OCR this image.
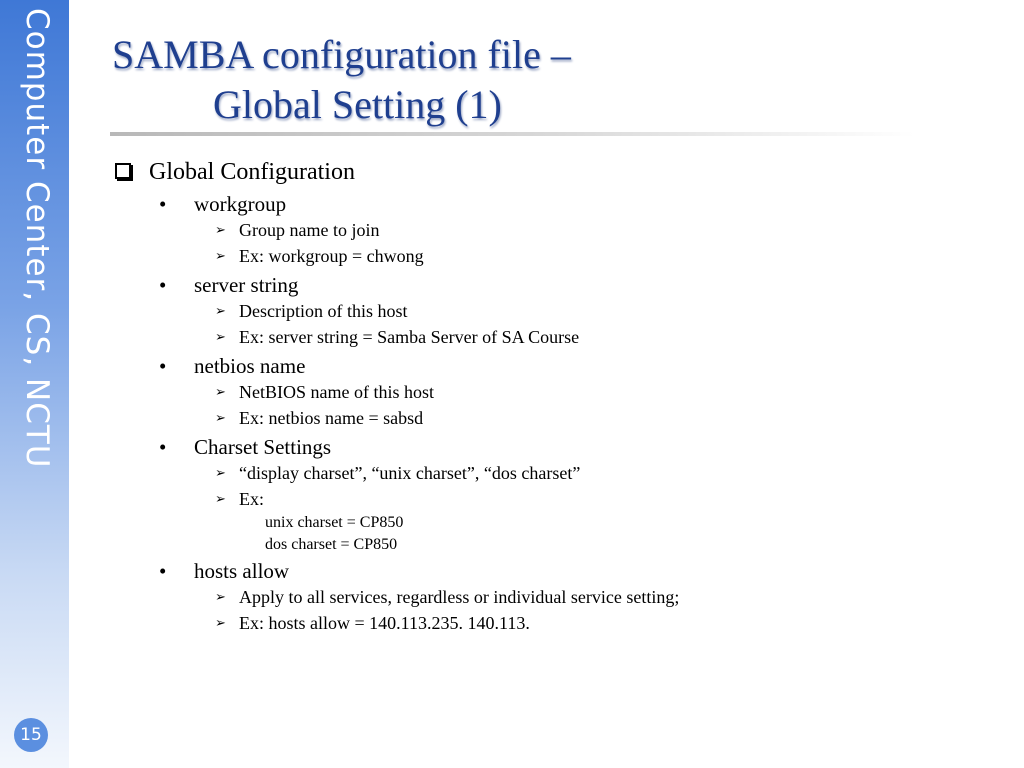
Computer Center, CS, NCTU
15
SAMBA configuration file –
Global Setting (1)
Global Configuration
• workgroup
➢ Group name to join
➢ Ex: workgroup = chwong
• server string
➢ Description of this host
➢ Ex: server string = Samba Server of SA Course
• netbios name
➢ NetBIOS name of this host
➢ Ex: netbios name = sabsd
• Charset Settings
➢ “display charset”, “unix charset”, “dos charset”
➢ Ex:
unix charset = CP850
dos charset = CP850
• hosts allow
➢ Apply to all services, regardless or individual service setting;
➢ Ex: hosts allow = 140.113.235. 140.113.
